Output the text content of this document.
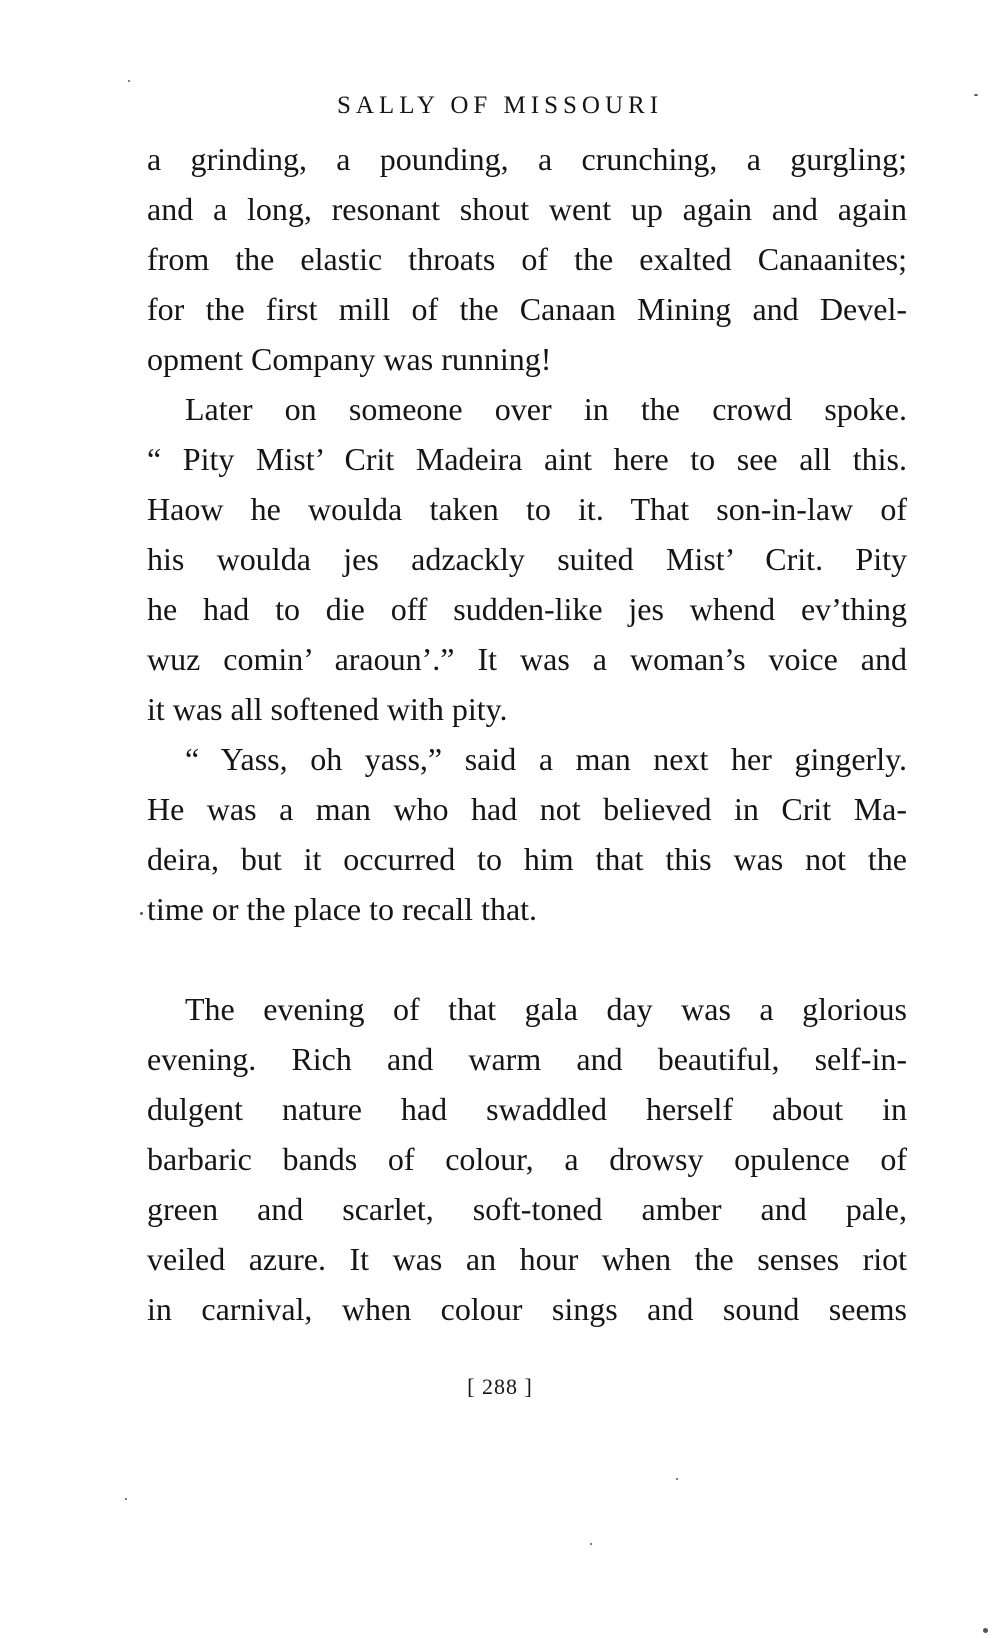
SALLY OF MISSOURI
a grinding, a pounding, a crunching, a gurgling;
and a long, resonant shout went up again and again
from the elastic throats of the exalted Canaanites;
for the first mill of the Canaan Mining and Devel-
opment Company was running!
Later on someone over in the crowd spoke.
“ Pity Mist’ Crit Madeira aint here to see all this.
Haow he woulda taken to it. That son-in-law of
his woulda jes adzackly suited Mist’ Crit. Pity
he had to die off sudden-like jes whend ev’thing
wuz comin’ araoun’.” It was a woman’s voice and
it was all softened with pity.
“ Yass, oh yass,” said a man next her gingerly.
He was a man who had not believed in Crit Ma-
deira, but it occurred to him that this was not the
time or the place to recall that.
The evening of that gala day was a glorious
evening. Rich and warm and beautiful, self-in-
dulgent nature had swaddled herself about in
barbaric bands of colour, a drowsy opulence of
green and scarlet, soft-toned amber and pale,
veiled azure. It was an hour when the senses riot
in carnival, when colour sings and sound seems
[ 288 ]
